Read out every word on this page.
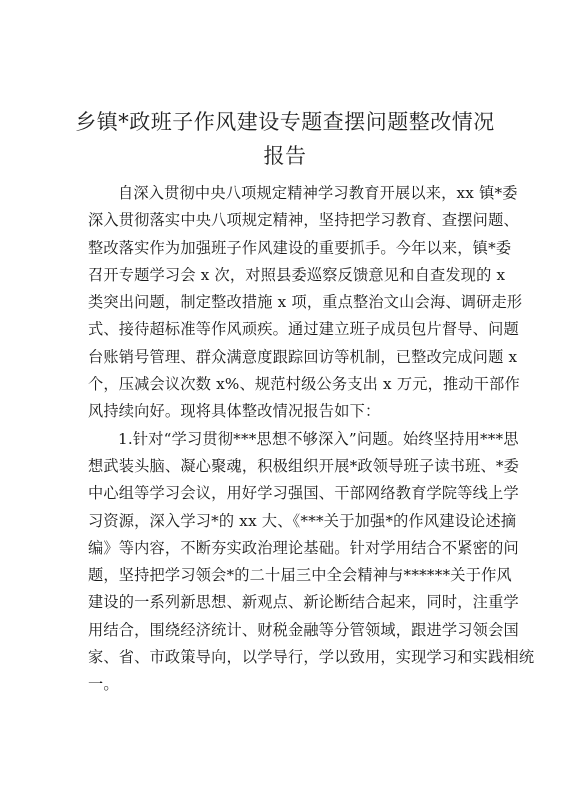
乡镇*政班子作风建设专题查摆问题整改情况
报告
自深入贯彻中央八项规定精神学习教育开展以来，xx 镇*委
深入贯彻落实中央八项规定精神，坚持把学习教育、查摆问题、
整改落实作为加强班子作风建设的重要抓手。今年以来，镇*委
召开专题学习会 x 次，对照县委巡察反馈意见和自查发现的 x
类突出问题，制定整改措施 x 项，重点整治文山会海、调研走形
式、接待超标准等作风顽疾。通过建立班子成员包片督导、问题
台账销号管理、群众满意度跟踪回访等机制，已整改完成问题 x
个，压减会议次数 x%、规范村级公务支出 x 万元，推动干部作
风持续向好。现将具体整改情况报告如下：
1.针对“学习贯彻***思想不够深入”问题。始终坚持用***思
想武装头脑、凝心聚魂，积极组织开展*政领导班子读书班、*委
中心组等学习会议，用好学习强国、干部网络教育学院等线上学
习资源，深入学习*的 xx 大、《***关于加强*的作风建设论述摘
编》等内容，不断夯实政治理论基础。针对学用结合不紧密的问
题，坚持把学习领会*的二十届三中全会精神与******关于作风
建设的一系列新思想、新观点、新论断结合起来，同时，注重学
用结合，围绕经济统计、财税金融等分管领域，跟进学习领会国
家、省、市政策导向，以学导行，学以致用，实现学习和实践相统
一。
